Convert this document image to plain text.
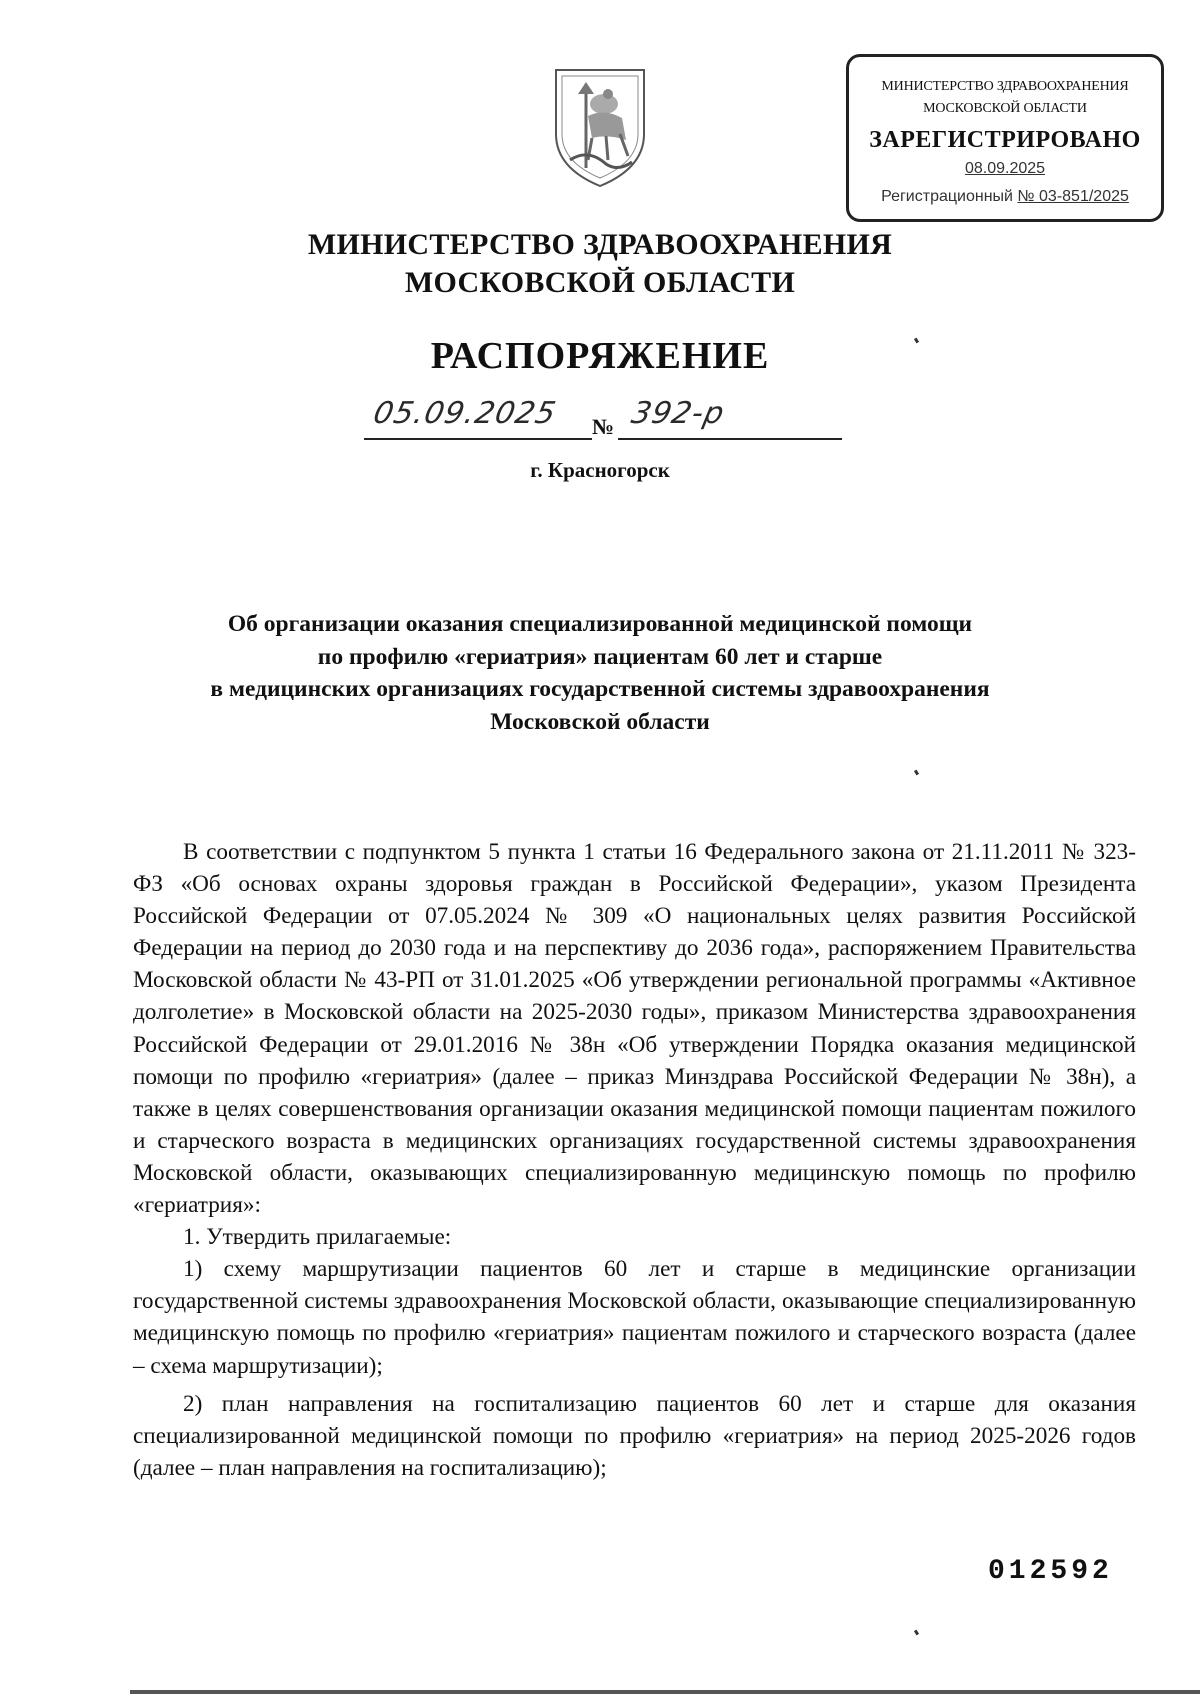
МИНИСТЕРСТВО ЗДРАВООХРАНЕНИЯ
МОСКОВСКОЙ ОБЛАСТИ
ЗАРЕГИСТРИРОВАНО
08.09.2025
Регистрационный № 03-851/2025
МИНИСТЕРСТВО ЗДРАВООХРАНЕНИЯ
МОСКОВСКОЙ ОБЛАСТИ
РАСПОРЯЖЕНИЕ
05.09.2025 № 392-р
г. Красногорск
Об организации оказания специализированной медицинской помощи
по профилю «гериатрия» пациентам 60 лет и старше
в медицинских организациях государственной системы здравоохранения
Московской области

В соответствии с подпунктом 5 пункта 1 статьи 16 Федерального закона от 21.11.2011 № 323-ФЗ «Об основах охраны здоровья граждан в Российской Федерации», указом Президента Российской Федерации от 07.05.2024 № 309 «О национальных целях развития Российской Федерации на период до 2030 года и на перспективу до 2036 года», распоряжением Правительства Московской области № 43-РП от 31.01.2025 «Об утверждении региональной программы «Активное долголетие» в Московской области на 2025-2030 годы», приказом Министерства здравоохранения Российской Федерации от 29.01.2016 № 38н «Об утверждении Порядка оказания медицинской помощи по профилю «гериатрия» (далее – приказ Минздрава Российской Федерации № 38н), а также в целях совершенствования организации оказания медицинской помощи пациентам пожилого и старческого возраста в медицинских организациях государственной системы здравоохранения Московской области, оказывающих специализированную медицинскую помощь по профилю «гериатрия»:

1. Утвердить прилагаемые:

1) схему маршрутизации пациентов 60 лет и старше в медицинские организации государственной системы здравоохранения Московской области, оказывающие специализированную медицинскую помощь по профилю «гериатрия» пациентам пожилого и старческого возраста (далее – схема маршрутизации);

2) план направления на госпитализацию пациентов 60 лет и старше для оказания специализированной медицинской помощи по профилю «гериатрия» на период 2025-2026 годов (далее – план направления на госпитализацию);

012592
